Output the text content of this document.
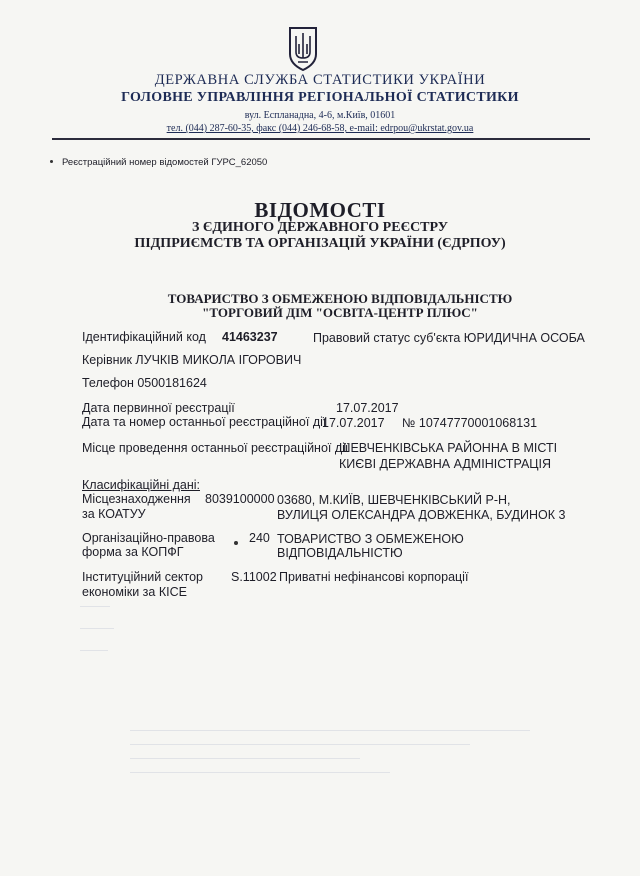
ДЕРЖАВНА СЛУЖБА СТАТИСТИКИ УКРАЇНИ
ГОЛОВНЕ УПРАВЛІННЯ РЕГІОНАЛЬНОЇ СТАТИСТИКИ
вул. Еспланадна, 4-6, м.Київ, 01601
тел. (044) 287-60-35, факс (044) 246-68-58, e-mail: edrpou@ukrstat.gov.ua
Реєстраційний номер відомостей ГУРС_62050
ВІДОМОСТІ
З ЄДИНОГО ДЕРЖАВНОГО РЕЄСТРУ
ПІДПРИЄМСТВ ТА ОРГАНІЗАЦІЙ УКРАЇНИ (ЄДРПОУ)
ТОВАРИСТВО З ОБМЕЖЕНОЮ ВІДПОВІДАЛЬНІСТЮ
"ТОРГОВИЙ ДІМ "ОСВІТА-ЦЕНТР ПЛЮС"
Ідентифікаційний код 41463237	Правовий статус суб'єкта ЮРИДИЧНА ОСОБА
Керівник ЛУЧКІВ МИКОЛА ІГОРОВИЧ
Телефон 0500181624
Дата первинної реєстрації	17.07.2017
Дата та номер останньої реєстраційної дії
17.07.2017 № 10747770001068131
Місце проведення останньої реєстраційної дії
ШЕВЧЕНКІВСЬКА РАЙОННА В МІСТІ
КИЄВІ ДЕРЖАВНА АДМІНІСТРАЦІЯ
Класифікаційні дані:
Місцезнаходження
за КОАТУУ
8039100000 03680, М.КИЇВ, ШЕВЧЕНКІВСЬКИЙ Р-Н,
ВУЛИЦЯ ОЛЕКСАНДРА ДОВЖЕНКА, БУДИНОК 3
Організаційно-правова
форма за КОПФГ
240 ТОВАРИСТВО З ОБМЕЖЕНОЮ
ВІДПОВІДАЛЬНІСТЮ
Інституційний сектор
економіки за КІСЕ
S.11002 Приватні нефінансові корпорації
